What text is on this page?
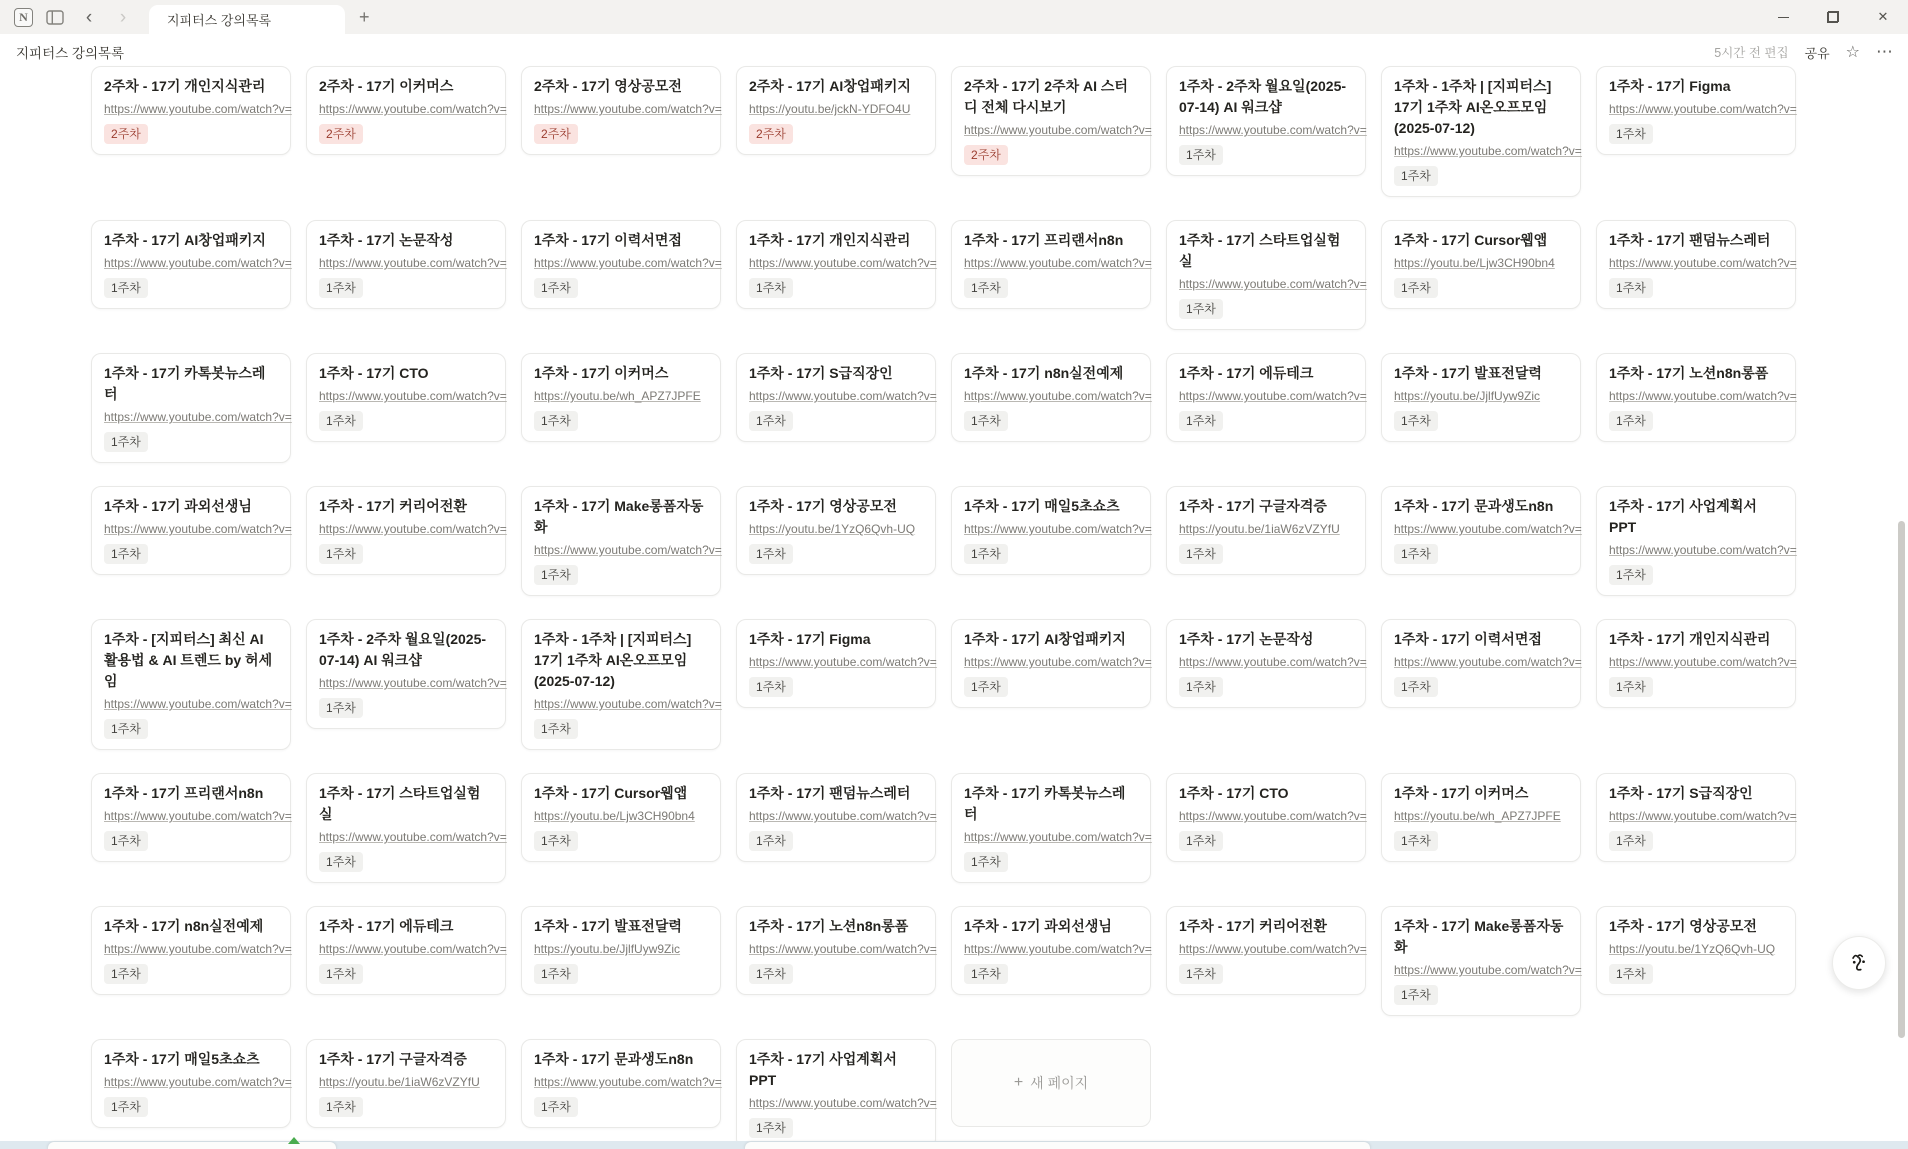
N	‹	›	지피터스 강의목록	+	✕
지피터스 강의목록	5시간 전 편집 공유 ☆ ⋯
2주차 - 17기 개인지식관리
https://www.youtube.com/watch?v=
2주차
2주차 - 17기 이커머스
https://www.youtube.com/watch?v=
2주차
2주차 - 17기 영상공모전
https://www.youtube.com/watch?v=
2주차
2주차 - 17기 AI창업패키지
https://youtu.be/jckN-YDFO4U
2주차
2주차 - 17기 2주차 AI 스터디 전체 다시보기
https://www.youtube.com/watch?v=
2주차
1주차 - 2주차 월요일(2025-07-14) AI 워크샵
https://www.youtube.com/watch?v=
1주차
1주차 - 1주차 | [지피터스] 17기 1주차 AI온오프모임 (2025-07-12)
https://www.youtube.com/watch?v=
1주차
1주차 - 17기 Figma
https://www.youtube.com/watch?v=
1주차
1주차 - 17기 AI창업패키지
https://www.youtube.com/watch?v=
1주차
1주차 - 17기 논문작성
https://www.youtube.com/watch?v=
1주차
1주차 - 17기 이력서면접
https://www.youtube.com/watch?v=
1주차
1주차 - 17기 개인지식관리
https://www.youtube.com/watch?v=
1주차
1주차 - 17기 프리랜서n8n
https://www.youtube.com/watch?v=
1주차
1주차 - 17기 스타트업실험실
https://www.youtube.com/watch?v=
1주차
1주차 - 17기 Cursor웹앱
https://youtu.be/Ljw3CH90bn4
1주차
1주차 - 17기 팬덤뉴스레터
https://www.youtube.com/watch?v=
1주차
1주차 - 17기 카톡봇뉴스레터
https://www.youtube.com/watch?v=
1주차
1주차 - 17기 CTO
https://www.youtube.com/watch?v=
1주차
1주차 - 17기 이커머스
https://youtu.be/wh_APZ7JPFE
1주차
1주차 - 17기 S급직장인
https://www.youtube.com/watch?v=
1주차
1주차 - 17기 n8n실전예제
https://www.youtube.com/watch?v=
1주차
1주차 - 17기 에듀테크
https://www.youtube.com/watch?v=
1주차
1주차 - 17기 발표전달력
https://youtu.be/JjlfUyw9Zic
1주차
1주차 - 17기 노션n8n롱폼
https://www.youtube.com/watch?v=
1주차
1주차 - 17기 과외선생님
https://www.youtube.com/watch?v=
1주차
1주차 - 17기 커리어전환
https://www.youtube.com/watch?v=
1주차
1주차 - 17기 Make롱폼자동화
https://www.youtube.com/watch?v=
1주차
1주차 - 17기 영상공모전
https://youtu.be/1YzQ6Qvh-UQ
1주차
1주차 - 17기 매일5초쇼츠
https://www.youtube.com/watch?v=
1주차
1주차 - 17기 구글자격증
https://youtu.be/1iaW6zVZYfU
1주차
1주차 - 17기 문과생도n8n
https://www.youtube.com/watch?v=
1주차
1주차 - 17기 사업계획서PPT
https://www.youtube.com/watch?v=
1주차
1주차 - [지피터스] 최신 AI 활용법 & AI 트렌드 by 허세임
https://www.youtube.com/watch?v=
1주차
1주차 - 2주차 월요일(2025-07-14) AI 워크샵
https://www.youtube.com/watch?v=
1주차
1주차 - 1주차 | [지피터스] 17기 1주차 AI온오프모임 (2025-07-12)
https://www.youtube.com/watch?v=
1주차
1주차 - 17기 Figma
https://www.youtube.com/watch?v=
1주차
1주차 - 17기 AI창업패키지
https://www.youtube.com/watch?v=
1주차
1주차 - 17기 논문작성
https://www.youtube.com/watch?v=
1주차
1주차 - 17기 이력서면접
https://www.youtube.com/watch?v=
1주차
1주차 - 17기 개인지식관리
https://www.youtube.com/watch?v=
1주차
1주차 - 17기 프리랜서n8n
https://www.youtube.com/watch?v=
1주차
1주차 - 17기 스타트업실험실
https://www.youtube.com/watch?v=
1주차
1주차 - 17기 Cursor웹앱
https://youtu.be/Ljw3CH90bn4
1주차
1주차 - 17기 팬덤뉴스레터
https://www.youtube.com/watch?v=
1주차
1주차 - 17기 카톡봇뉴스레터
https://www.youtube.com/watch?v=
1주차
1주차 - 17기 CTO
https://www.youtube.com/watch?v=
1주차
1주차 - 17기 이커머스
https://youtu.be/wh_APZ7JPFE
1주차
1주차 - 17기 S급직장인
https://www.youtube.com/watch?v=
1주차
1주차 - 17기 n8n실전예제
https://www.youtube.com/watch?v=
1주차
1주차 - 17기 에듀테크
https://www.youtube.com/watch?v=
1주차
1주차 - 17기 발표전달력
https://youtu.be/JjlfUyw9Zic
1주차
1주차 - 17기 노션n8n롱폼
https://www.youtube.com/watch?v=
1주차
1주차 - 17기 과외선생님
https://www.youtube.com/watch?v=
1주차
1주차 - 17기 커리어전환
https://www.youtube.com/watch?v=
1주차
1주차 - 17기 Make롱폼자동화
https://www.youtube.com/watch?v=
1주차
1주차 - 17기 영상공모전
https://youtu.be/1YzQ6Qvh-UQ
1주차
1주차 - 17기 매일5초쇼츠
https://www.youtube.com/watch?v=
1주차
1주차 - 17기 구글자격증
https://youtu.be/1iaW6zVZYfU
1주차
1주차 - 17기 문과생도n8n
https://www.youtube.com/watch?v=
1주차
1주차 - 17기 사업계획서PPT
https://www.youtube.com/watch?v=
1주차
+ 새 페이지
